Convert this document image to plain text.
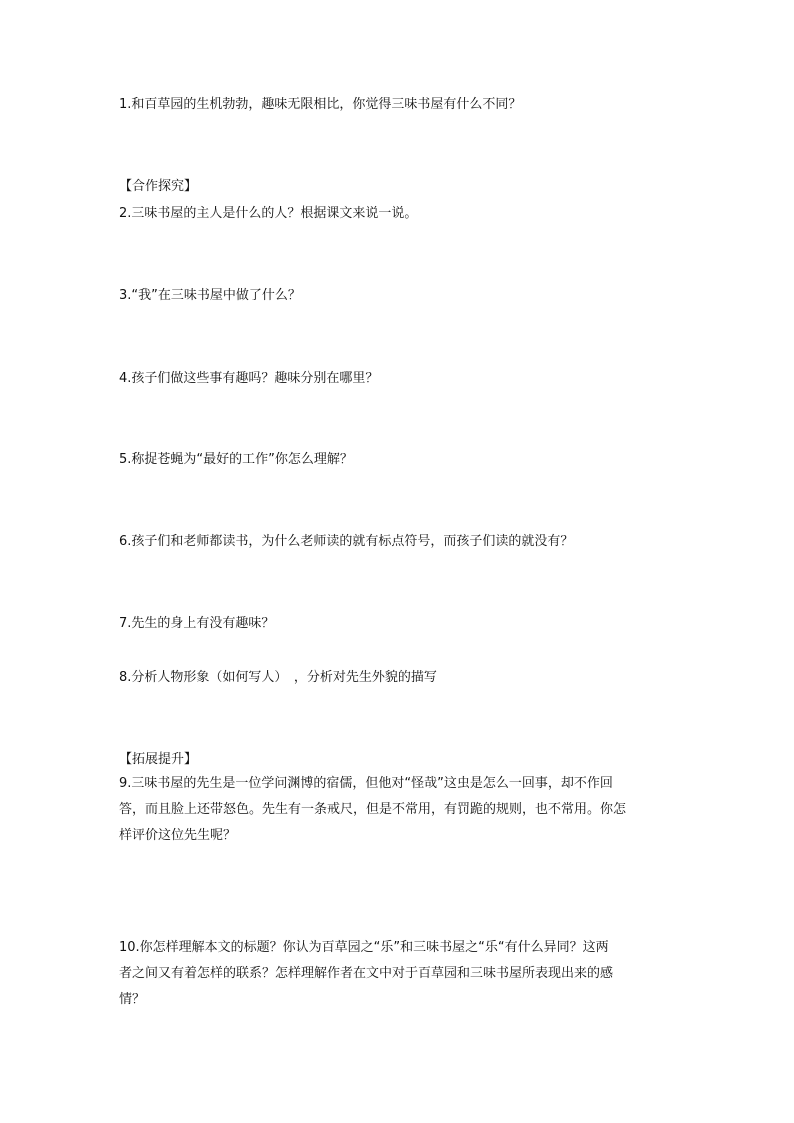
1.和百草园的生机勃勃，趣味无限相比，你觉得三味书屋有什么不同？
【合作探究】
2.三味书屋的主人是什么的人？根据课文来说一说。
3.“我”在三味书屋中做了什么？
4.孩子们做这些事有趣吗？趣味分别在哪里？
5.称捉苍蝇为“最好的工作”你怎么理解？
6.孩子们和老师都读书，为什么老师读的就有标点符号，而孩子们读的就没有？
7.先生的身上有没有趣味？
8.分析人物形象（如何写人）　，分析对先生外貌的描写
【拓展提升】
9.三味书屋的先生是一位学问渊博的宿儒，但他对“怪哉”这虫是怎么一回事，却不作回
答，而且脸上还带怒色。先生有一条戒尺，但是不常用，有罚跪的规则，也不常用。你怎
样评价这位先生呢？
10.你怎样理解本文的标题？你认为百草园之“乐”和三味书屋之“乐“有什么异同？这两
者之间又有着怎样的联系？怎样理解作者在文中对于百草园和三味书屋所表现出来的感
情？
